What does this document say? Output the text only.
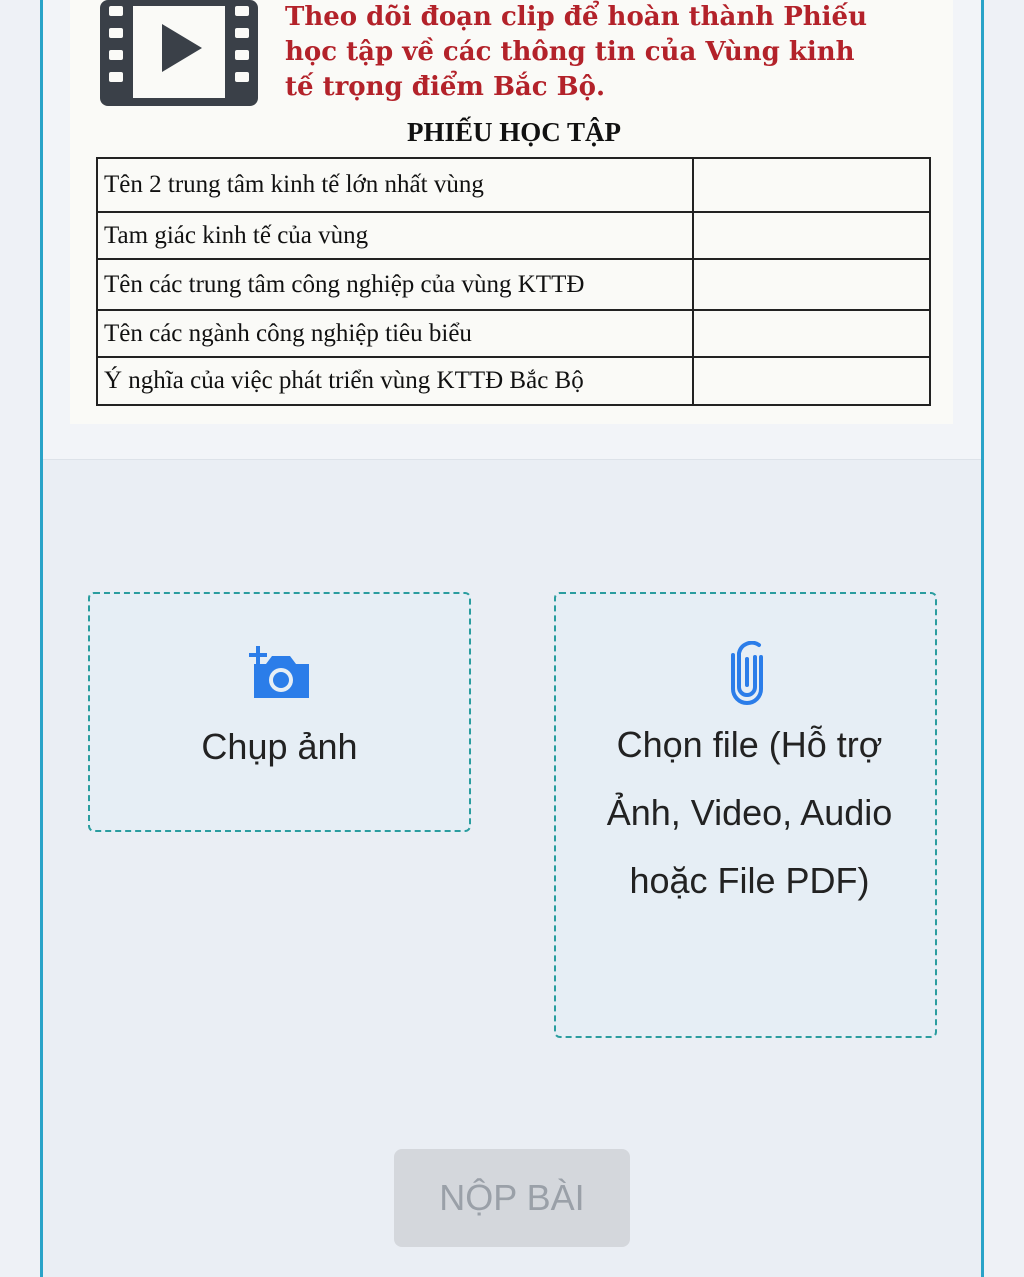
Theo dõi đoạn clip để hoàn thành Phiếu học tập về các thông tin của Vùng kinh tế trọng điểm Bắc Bộ.
PHIẾU HỌC TẬP
Tên 2 trung tâm kinh tế lớn nhất vùng	
Tam giác kinh tế của vùng	
Tên các trung tâm công nghiệp của vùng KTTĐ	
Tên các ngành công nghiệp tiêu biểu	
Ý nghĩa của việc phát triển vùng KTTĐ Bắc Bộ	
Chụp ảnh	Chọn file (Hỗ trợ Ảnh, Video, Audio hoặc File PDF)
NỘP BÀI
